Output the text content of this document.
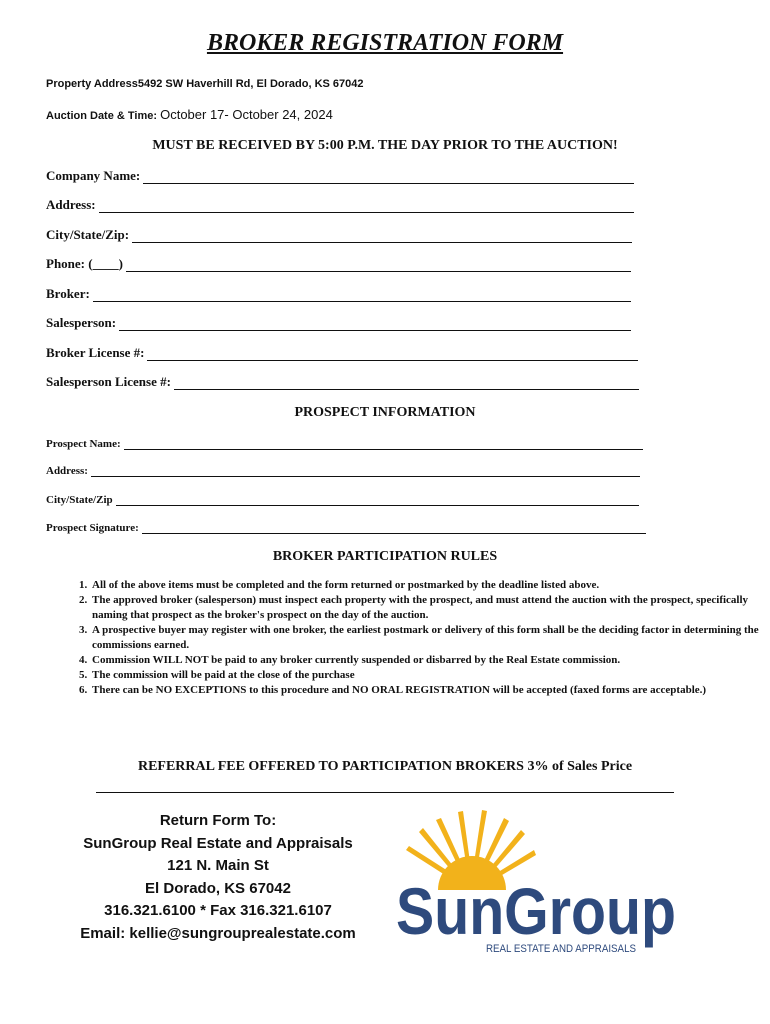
BROKER REGISTRATION FORM
Property Address5492 SW Haverhill Rd, El Dorado, KS 67042
Auction Date & Time: October 17- October 24, 2024
MUST BE RECEIVED BY 5:00 P.M. THE DAY PRIOR TO THE AUCTION!
Company Name:
Address:
City/State/Zip:
Phone: (____)
Broker:
Salesperson:
Broker License #:
Salesperson License #:
PROSPECT INFORMATION
Prospect Name:
Address:
City/State/Zip
Prospect Signature:
BROKER PARTICIPATION RULES
1. All of the above items must be completed and the form returned or postmarked by the deadline listed above.
2. The approved broker (salesperson) must inspect each property with the prospect, and must attend the auction with the prospect, specifically naming that prospect as the broker's prospect on the day of the auction.
3. A prospective buyer may register with one broker, the earliest postmark or delivery of this form shall be the deciding factor in determining the commissions earned.
4. Commission WILL NOT be paid to any broker currently suspended or disbarred by the Real Estate commission.
5. The commission will be paid at the close of the purchase
6. There can be NO EXCEPTIONS to this procedure and NO ORAL REGISTRATION will be accepted (faxed forms are acceptable.)
REFERRAL FEE OFFERED TO PARTICIPATION BROKERS 3% of Sales Price
Return Form To:
SunGroup Real Estate and Appraisals
121 N. Main St
El Dorado, KS 67042
316.321.6100 * Fax 316.321.6107
Email: kellie@sungrouprealestate.com SunGroup
REAL ESTATE AND APPRAISALS
